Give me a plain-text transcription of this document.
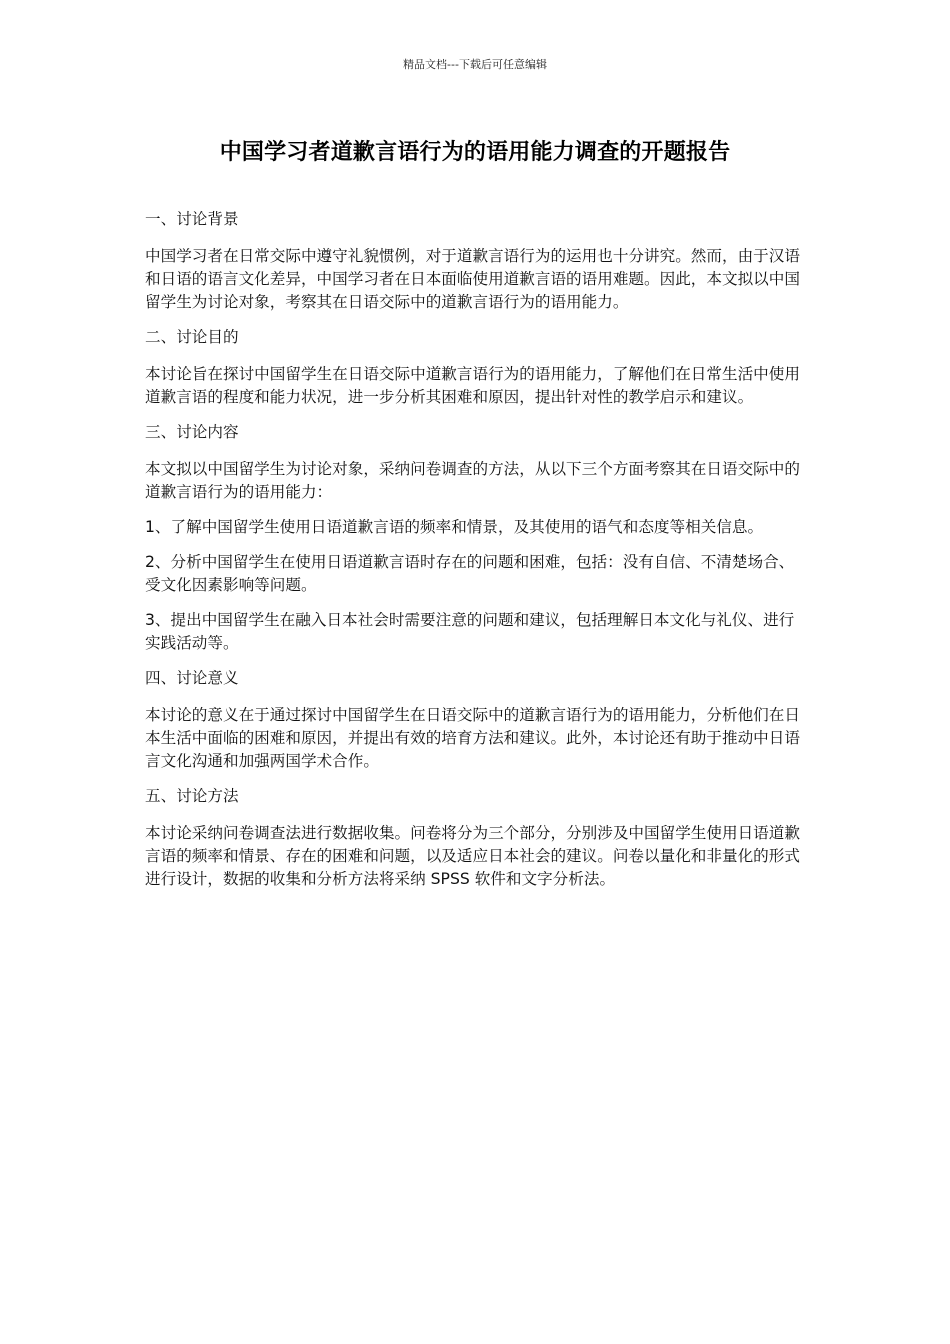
精品文档---下载后可任意编辑
中国学习者道歉言语行为的语用能力调查的开题报告

一、讨论背景

中国学习者在日常交际中遵守礼貌惯例，对于道歉言语行为的运用也十分讲究。然而，由于汉语和日语的语言文化差异，中国学习者在日本面临使用道歉言语的语用难题。因此，本文拟以中国留学生为讨论对象，考察其在日语交际中的道歉言语行为的语用能力。

二、讨论目的

本讨论旨在探讨中国留学生在日语交际中道歉言语行为的语用能力，了解他们在日常生活中使用道歉言语的程度和能力状况，进一步分析其困难和原因，提出针对性的教学启示和建议。

三、讨论内容

本文拟以中国留学生为讨论对象，采纳问卷调查的方法，从以下三个方面考察其在日语交际中的道歉言语行为的语用能力：

1、了解中国留学生使用日语道歉言语的频率和情景，及其使用的语气和态度等相关信息。

2、分析中国留学生在使用日语道歉言语时存在的问题和困难，包括：没有自信、不清楚场合、受文化因素影响等问题。

3、提出中国留学生在融入日本社会时需要注意的问题和建议，包括理解日本文化与礼仪、进行实践活动等。

四、讨论意义

本讨论的意义在于通过探讨中国留学生在日语交际中的道歉言语行为的语用能力，分析他们在日本生活中面临的困难和原因，并提出有效的培育方法和建议。此外，本讨论还有助于推动中日语言文化沟通和加强两国学术合作。

五、讨论方法

本讨论采纳问卷调查法进行数据收集。问卷将分为三个部分，分别涉及中国留学生使用日语道歉言语的频率和情景、存在的困难和问题，以及适应日本社会的建议。问卷以量化和非量化的形式进行设计，数据的收集和分析方法将采纳 SPSS 软件和文字分析法。
